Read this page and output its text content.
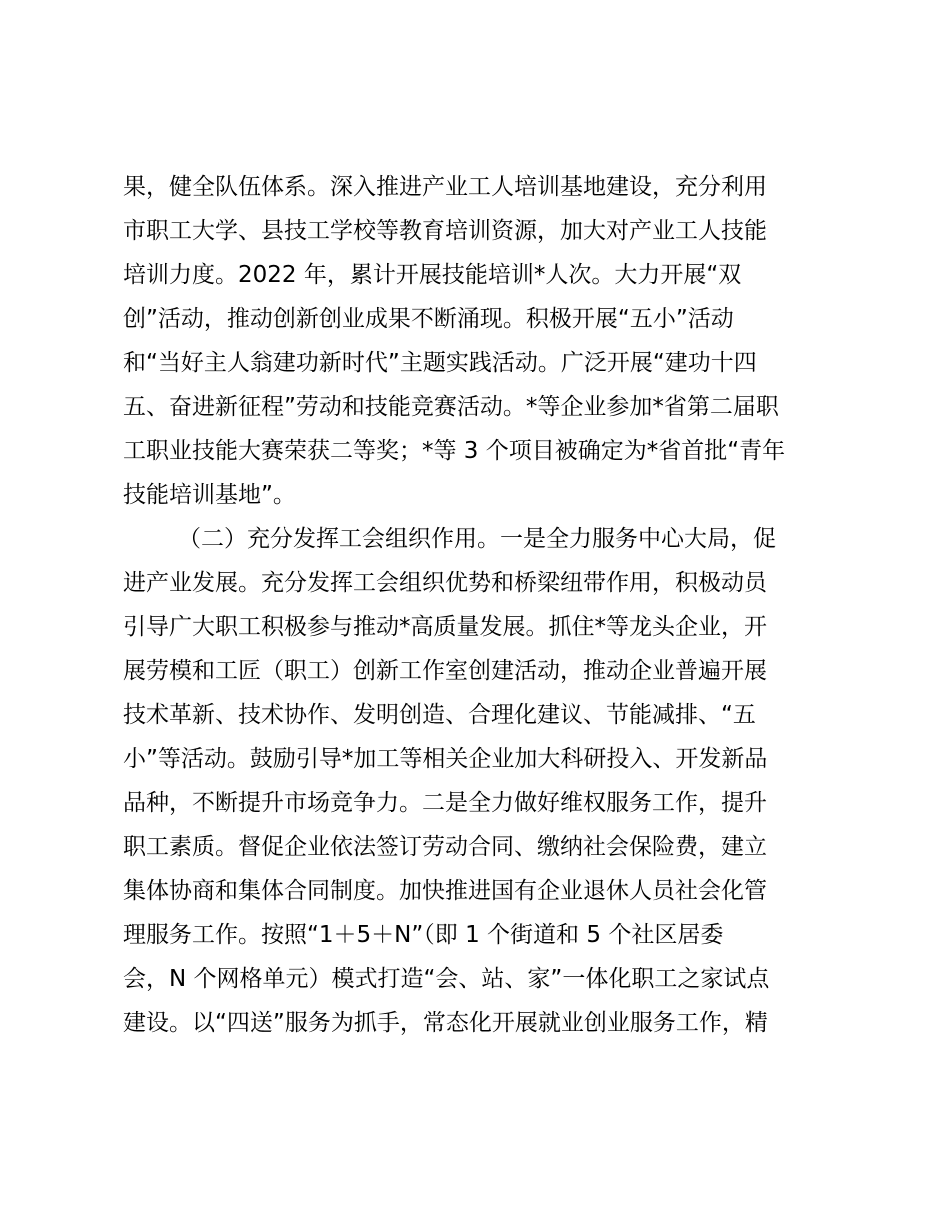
果，健全队伍体系。深入推进产业工人培训基地建设，充分利用
市职工大学、县技工学校等教育培训资源，加大对产业工人技能
培训力度。2022 年，累计开展技能培训*人次。大力开展“双
创”活动，推动创新创业成果不断涌现。积极开展“五小”活动
和“当好主人翁建功新时代”主题实践活动。广泛开展“建功十四
五、奋进新征程”劳动和技能竞赛活动。*等企业参加*省第二届职
工职业技能大赛荣获二等奖；*等 3 个项目被确定为*省首批“青年
技能培训基地”。
（二）充分发挥工会组织作用。一是全力服务中心大局，促
进产业发展。充分发挥工会组织优势和桥梁纽带作用，积极动员
引导广大职工积极参与推动*高质量发展。抓住*等龙头企业，开
展劳模和工匠（职工）创新工作室创建活动，推动企业普遍开展
技术革新、技术协作、发明创造、合理化建议、节能减排、“五
小”等活动。鼓励引导*加工等相关企业加大科研投入、开发新品
品种，不断提升市场竞争力。二是全力做好维权服务工作，提升
职工素质。督促企业依法签订劳动合同、缴纳社会保险费，建立
集体协商和集体合同制度。加快推进国有企业退休人员社会化管
理服务工作。按照“1＋5＋N”（即 1 个街道和 5 个社区居委
会，N 个网格单元）模式打造“会、站、家”一体化职工之家试点
建设。以“四送”服务为抓手，常态化开展就业创业服务工作，精
